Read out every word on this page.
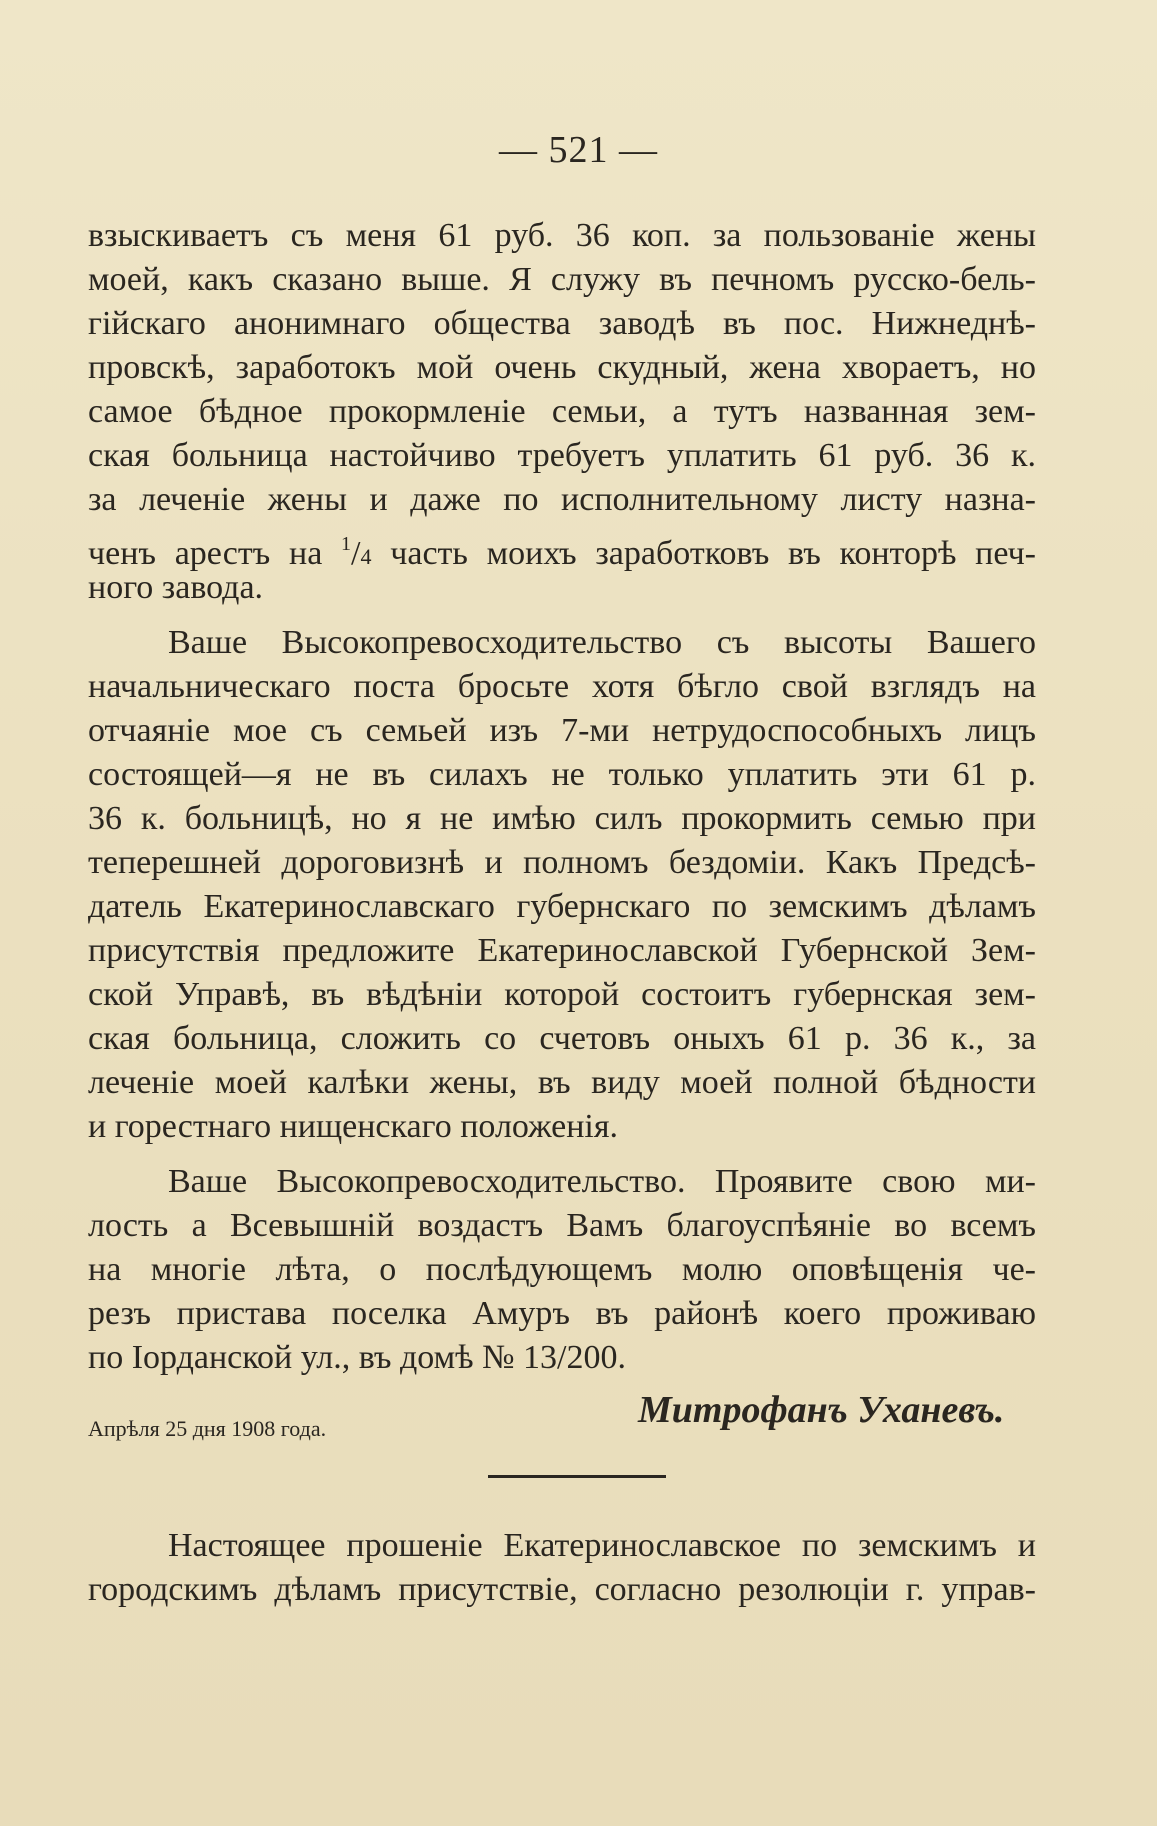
— 521 —
взыскиваетъ съ меня 61 руб. 36 коп. за пользованіе жены
моей, какъ сказано выше. Я служу въ печномъ русско-бель-
гійскаго анонимнаго общества заводѣ въ пос. Нижнеднѣ-
провскѣ, заработокъ мой очень скудный, жена хвораетъ, но
самое бѣдное прокормленіе семьи, а тутъ названная зем-
ская больница настойчиво требуетъ уплатить 61 руб. 36 к.
за леченіе жены и даже по исполнительному листу назна-
ченъ арестъ на $^1$/4 часть моихъ заработковъ въ конторѣ печ-
ного завода.
Ваше Высокопревосходительство съ высоты Вашего
начальническаго поста бросьте хотя бѣгло свой взглядъ на
отчаяніе мое съ семьей изъ 7-ми нетрудоспособныхъ лицъ
состоящей—я не въ силахъ не только уплатить эти 61 р.
36 к. больницѣ, но я не имѣю силъ прокормить семью при
теперешней дороговизнѣ и полномъ бездоміи. Какъ Предсѣ-
датель Екатеринославскаго губернскаго по земскимъ дѣламъ
присутствія предложите Екатеринославской Губернской Зем-
ской Управѣ, въ вѣдѣніи которой состоитъ губернская зем-
ская больница, сложить со счетовъ оныхъ 61 р. 36 к., за
леченіе моей калѣки жены, въ виду моей полной бѣдности
и горестнаго нищенскаго положенія.
Ваше Высокопревосходительство. Проявите свою ми-
лость а Всевышній воздастъ Вамъ благоуспѣяніе во всемъ
на многіе лѣта, о послѣдующемъ молю оповѣщенія че-
резъ пристава поселка Амуръ въ районѣ коего проживаю
по Іорданской ул., въ домѣ № 13/200.
Апрѣля 25 дня 1908 года.	Митрофанъ Уханевъ.
Настоящее прошеніе Екатеринославское по земскимъ и
городскимъ дѣламъ присутствіе, согласно резолюціи г. управ-
